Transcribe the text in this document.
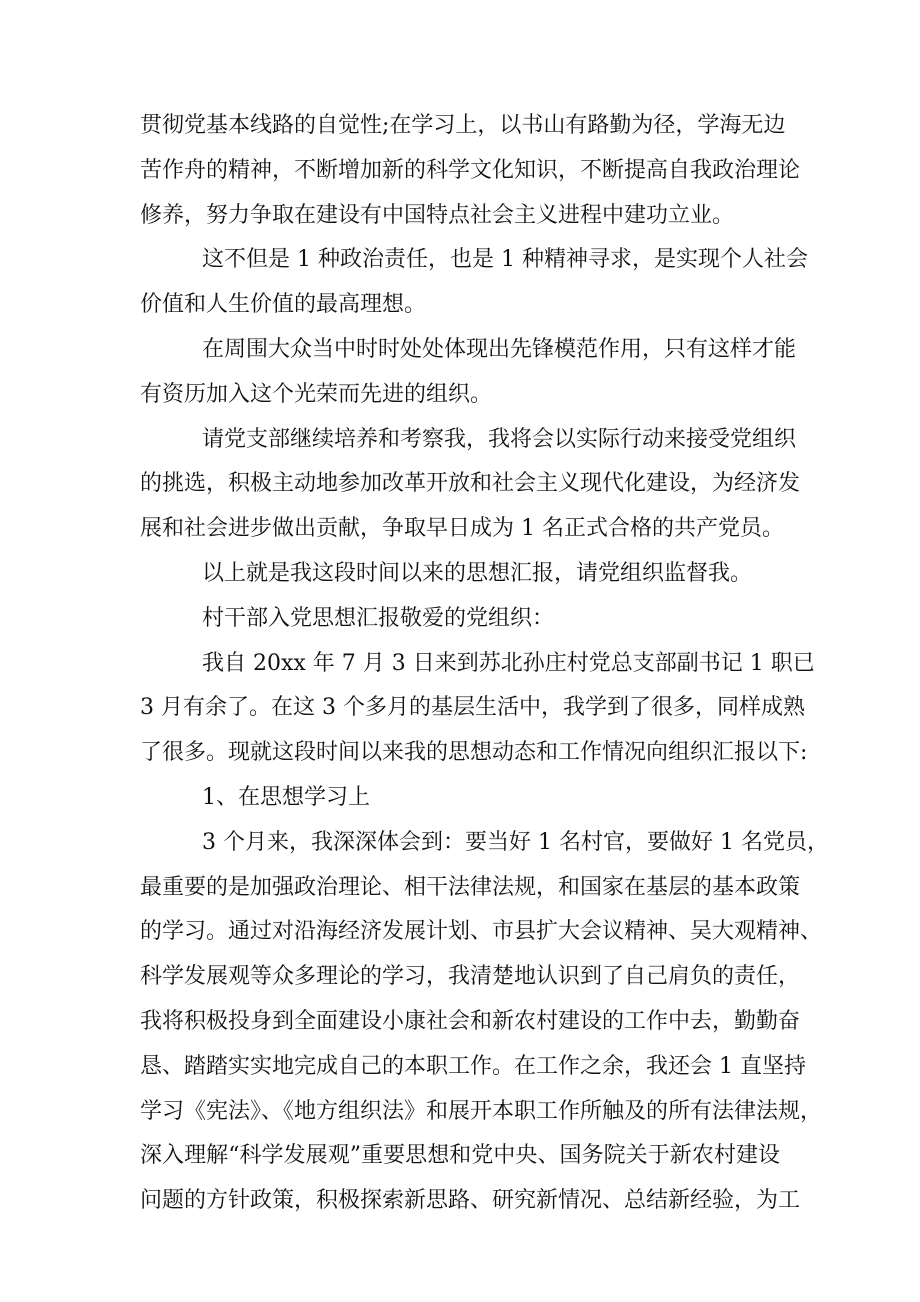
贯彻党基本线路的自觉性;在学习上，以书山有路勤为径，学海无边
苦作舟的精神，不断增加新的科学文化知识，不断提高自我政治理论
修养，努力争取在建设有中国特点社会主义进程中建功立业。
这不但是 1 种政治责任，也是 1 种精神寻求，是实现个人社会
价值和人生价值的最高理想。
在周围大众当中时时处处体现出先锋模范作用，只有这样才能
有资历加入这个光荣而先进的组织。
请党支部继续培养和考察我，我将会以实际行动来接受党组织
的挑选，积极主动地参加改革开放和社会主义现代化建设，为经济发
展和社会进步做出贡献，争取早日成为 1 名正式合格的共产党员。
以上就是我这段时间以来的思想汇报，请党组织监督我。
村干部入党思想汇报敬爱的党组织：
我自 20xx 年 7 月 3 日来到苏北孙庄村党总支部副书记 1 职已
3 月有余了。在这 3 个多月的基层生活中，我学到了很多，同样成熟
了很多。现就这段时间以来我的思想动态和工作情况向组织汇报以下:
1、在思想学习上
3 个月来，我深深体会到：要当好 1 名村官，要做好 1 名党员，
最重要的是加强政治理论、相干法律法规，和国家在基层的基本政策
的学习。通过对沿海经济发展计划、市县扩大会议精神、吴大观精神、
科学发展观等众多理论的学习，我清楚地认识到了自己肩负的责任，
我将积极投身到全面建设小康社会和新农村建设的工作中去，勤勤奋
恳、踏踏实实地完成自己的本职工作。在工作之余，我还会 1 直坚持
学习《宪法》、《地方组织法》和展开本职工作所触及的所有法律法规，
深入理解“科学发展观”重要思想和党中央、国务院关于新农村建设
问题的方针政策，积极探索新思路、研究新情况、总结新经验，为工
